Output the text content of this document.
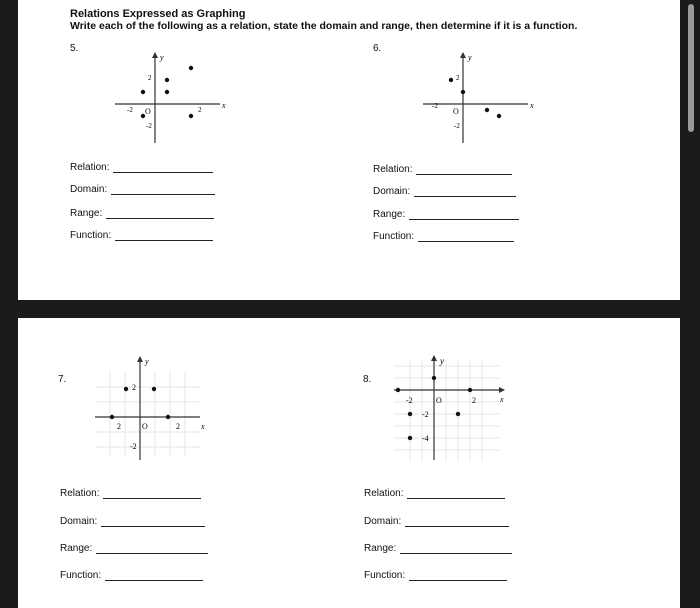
Relations Expressed as Graphing
Write each of the following as a relation, state the domain and range, then determine if it is a function.
5.
y
x
O
-2	2
2
-2
6.
y
x
O
-2
2
-2
Relation:
Domain:
Range:
Function:
Relation:
Domain:
Range:
Function:
7.
y
x
O
2	2
2
-2
8.
y
x
O
-2	2
-2
-4
Relation:
Domain:
Range:
Function:
Relation:
Domain:
Range:
Function:
